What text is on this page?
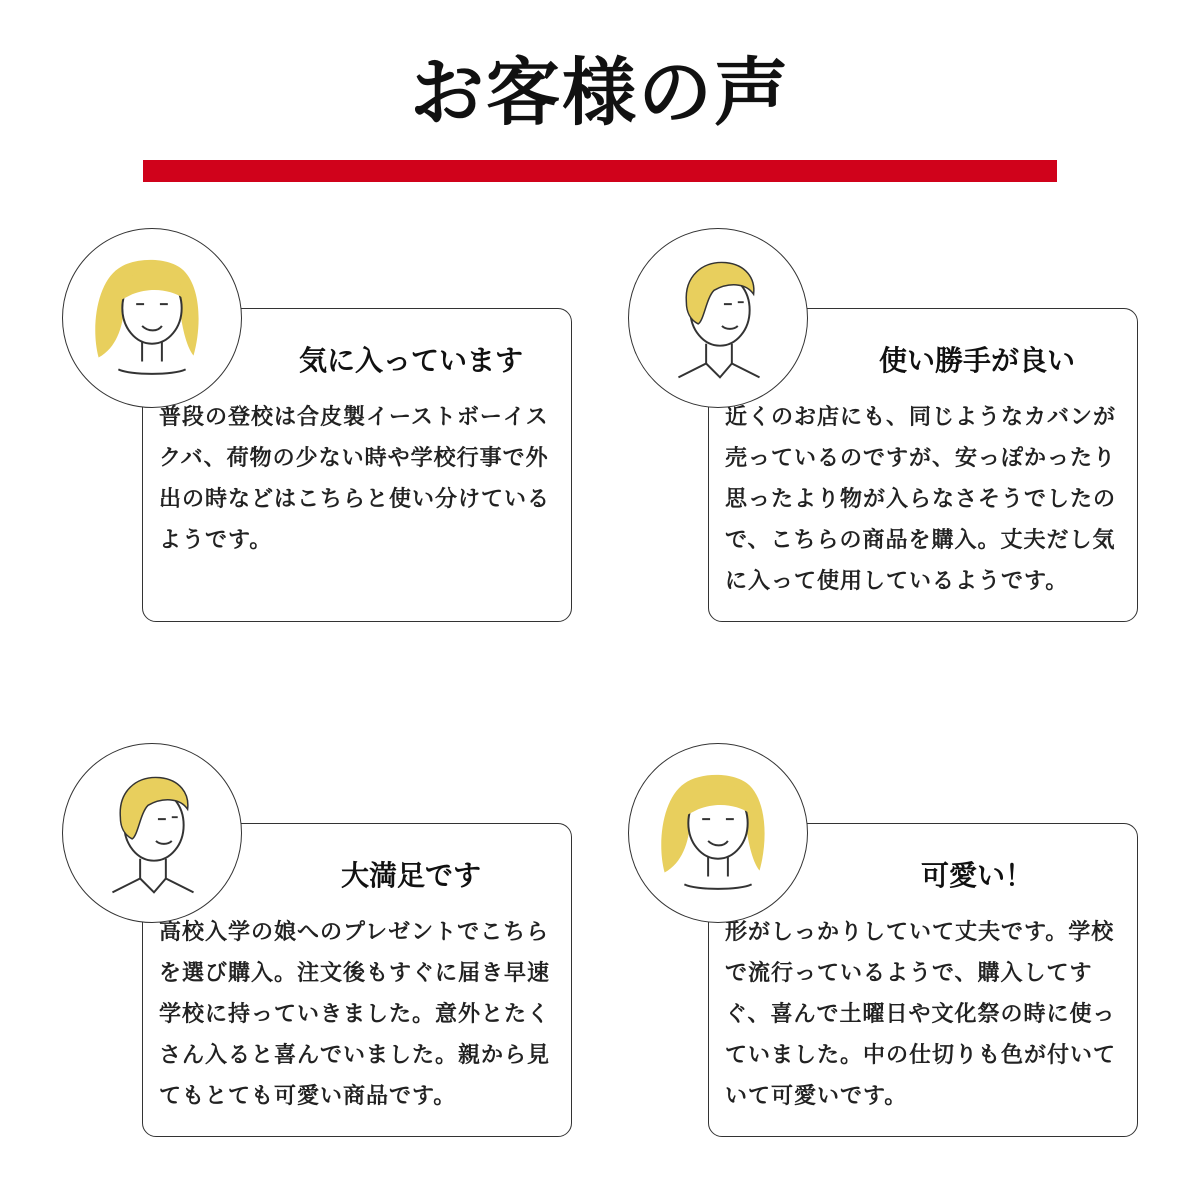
お客様の声
気に入っています
普段の登校は合皮製イーストボーイスクバ、荷物の少ない時や学校行事で外出の時などはこちらと使い分けているようです。
使い勝手が良い
近くのお店にも、同じようなカバンが売っているのですが、安っぽかったり思ったより物が入らなさそうでしたので、こちらの商品を購入。丈夫だし気に入って使用しているようです。
大満足です
高校入学の娘へのプレゼントでこちらを選び購入。注文後もすぐに届き早速学校に持っていきました。意外とたくさん入ると喜んでいました。親から見てもとても可愛い商品です。
可愛い！
形がしっかりしていて丈夫です。学校で流行っているようで、購入してすぐ、喜んで土曜日や文化祭の時に使っていました。中の仕切りも色が付いていて可愛いです。
